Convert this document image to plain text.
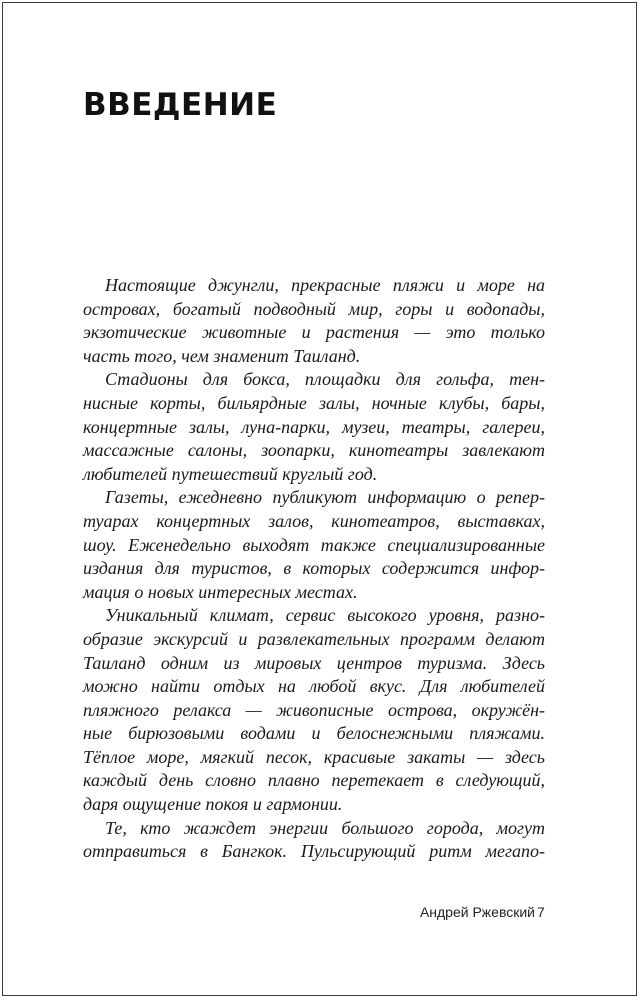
ВВЕДЕНИЕ
Настоящие джунгли, прекрасные пляжи и море на
островах, богатый подводный мир, горы и водопады,
экзотические животные и растения — это только
часть того, чем знаменит Таиланд.
Стадионы для бокса, площадки для гольфа, тен-
нисные корты, бильярдные залы, ночные клубы, бары,
концертные залы, луна-парки, музеи, театры, галереи,
массажные салоны, зоопарки, кинотеатры завлекают
любителей путешествий круглый год.
Газеты, ежедневно публикуют информацию о репер-
туарах концертных залов, кинотеатров, выставках,
шоу. Еженедельно выходят также специализированные
издания для туристов, в которых содержится инфор-
мация о новых интересных местах.
Уникальный климат, сервис высокого уровня, разно-
образие экскурсий и развлекательных программ делают
Таиланд одним из мировых центров туризма. Здесь
можно найти отдых на любой вкус. Для любителей
пляжного релакса — живописные острова, окружён-
ные бирюзовыми водами и белоснежными пляжами.
Тёплое море, мягкий песок, красивые закаты — здесь
каждый день словно плавно перетекает в следующий,
даря ощущение покоя и гармонии.
Те, кто жаждет энергии большого города, могут
отправиться в Бангкок. Пульсирующий ритм мегапо-
Андрей Ржевский 7
